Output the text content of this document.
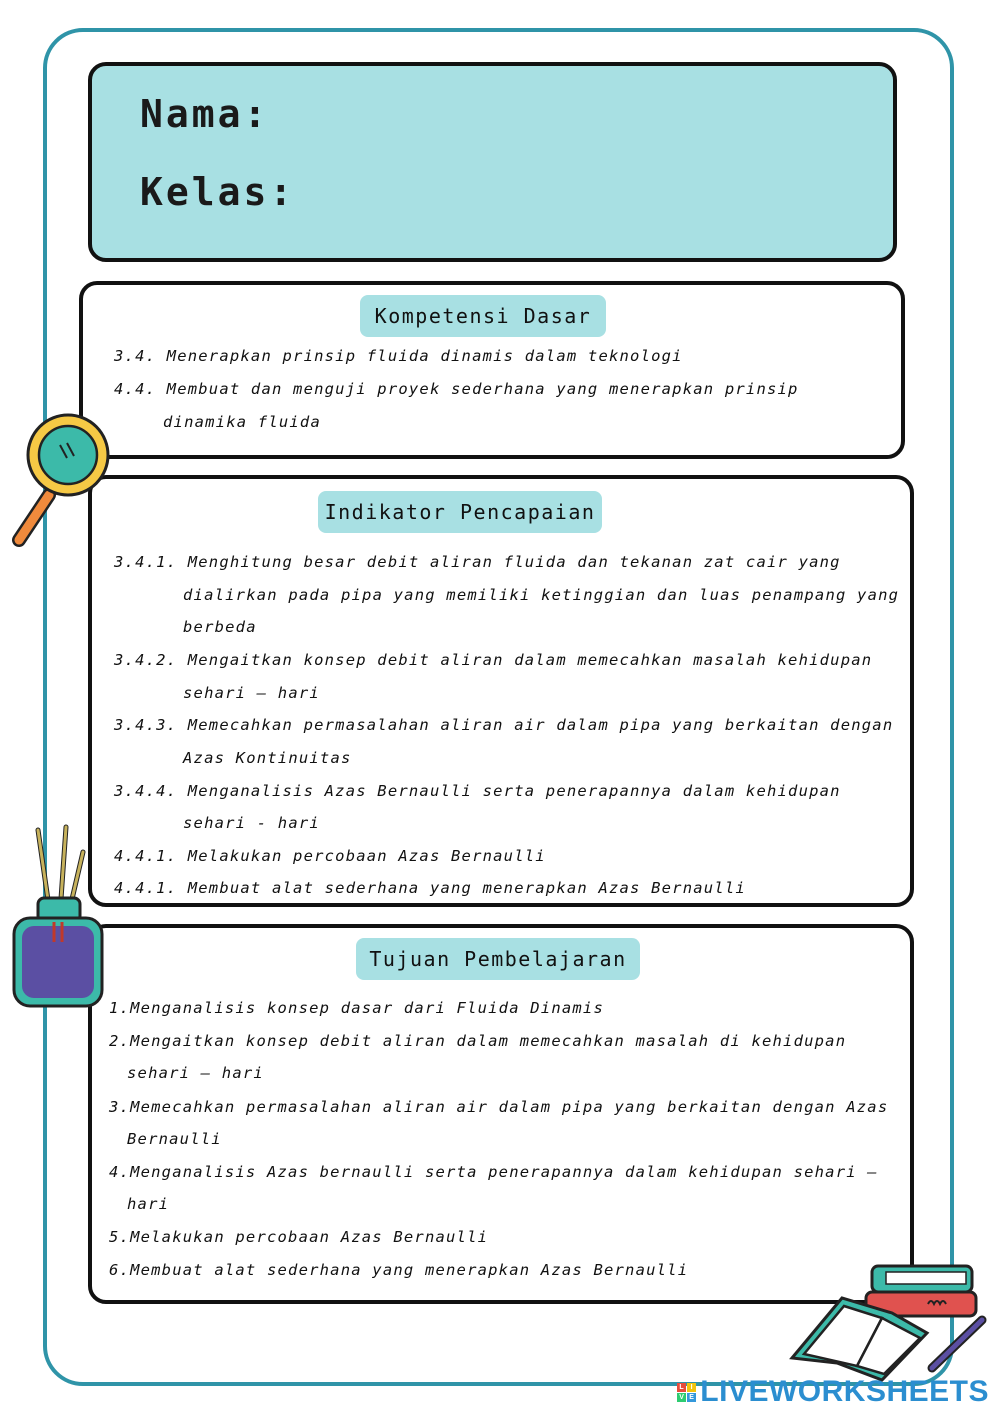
Nama:
Kelas:
Kompetensi Dasar
3.4. Menerapkan prinsip fluida dinamis dalam teknologi
4.4. Membuat dan menguji proyek sederhana yang menerapkan prinsip
dinamika fluida
Indikator Pencapaian
3.4.1. Menghitung besar debit aliran fluida dan tekanan zat cair yang
dialirkan pada pipa yang memiliki ketinggian dan luas penampang yang
berbeda
3.4.2. Mengaitkan konsep debit aliran dalam memecahkan masalah kehidupan
sehari – hari
3.4.3. Memecahkan permasalahan aliran air dalam pipa yang berkaitan dengan
Azas Kontinuitas
3.4.4. Menganalisis Azas Bernaulli serta penerapannya dalam kehidupan
sehari - hari
4.4.1. Melakukan percobaan Azas Bernaulli
4.4.1. Membuat alat sederhana yang menerapkan Azas Bernaulli
Tujuan Pembelajaran
1.Menganalisis konsep dasar dari Fluida Dinamis
2.Mengaitkan konsep debit aliran dalam memecahkan masalah di kehidupan
sehari – hari
3.Memecahkan permasalahan aliran air dalam pipa yang berkaitan dengan Azas
Bernaulli
4.Menganalisis Azas bernaulli serta penerapannya dalam kehidupan sehari –
hari
5.Melakukan percobaan Azas Bernaulli
6.Membuat alat sederhana yang menerapkan Azas Bernaulli
L I
V E LIVEWORKSHEETS
